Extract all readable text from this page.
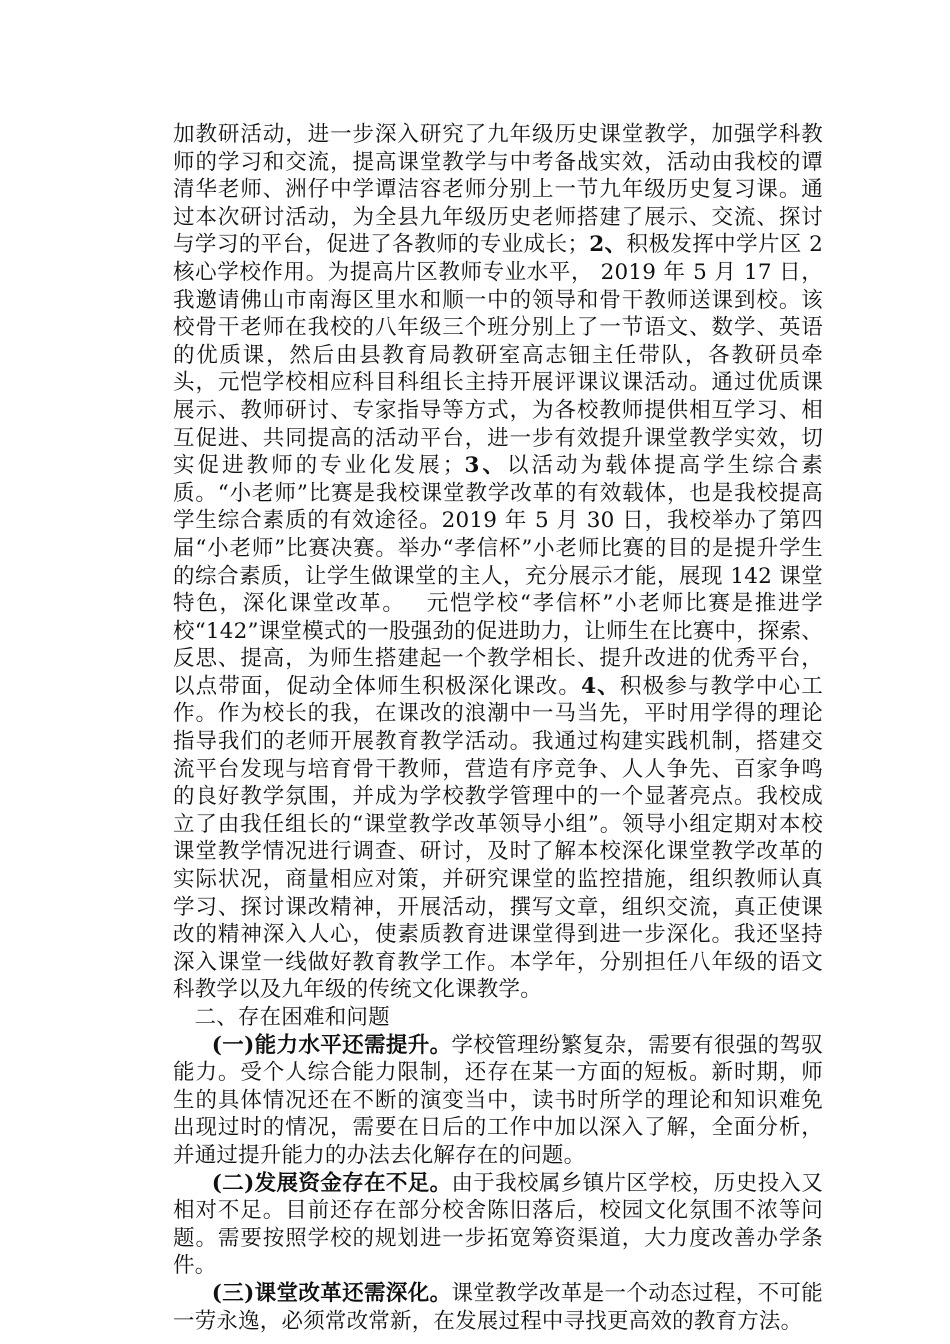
加教研活动，进一步深入研究了九年级历史课堂教学，加强学科教师的学习和交流，提高课堂教学与中考备战实效，活动由我校的谭清华老师、洲仔中学谭洁容老师分别上一节九年级历史复习课。通过本次研讨活动，为全县九年级历史老师搭建了展示、交流、探讨与学习的平台，促进了各教师的专业成长；2、积极发挥中学片区 2 核心学校作用。为提高片区教师专业水平， 2019 年 5 月 17 日，我邀请佛山市南海区里水和顺一中的领导和骨干教师送课到校。该校骨干老师在我校的八年级三个班分别上了一节语文、数学、英语的优质课，然后由县教育局教研室高志钿主任带队，各教研员牵头，元恺学校相应科目科组长主持开展评课议课活动。通过优质课展示、教师研讨、专家指导等方式，为各校教师提供相互学习、相互促进、共同提高的活动平台，进一步有效提升课堂教学实效，切实促进教师的专业化发展；3、以活动为载体提高学生综合素质。“小老师”比赛是我校课堂教学改革的有效载体，也是我校提高学生综合素质的有效途径。2019 年 5 月 30 日，我校举办了第四届“小老师”比赛决赛。举办“孝信杯”小老师比赛的目的是提升学生的综合素质，让学生做课堂的主人，充分展示才能，展现 142 课堂特色，深化课堂改革。　 元恺学校“孝信杯”小老师比赛是推进学校“142”课堂模式的一股强劲的促进助力，让师生在比赛中，探索、反思、提高，为师生搭建起一个教学相长、提升改进的优秀平台，以点带面，促动全体师生积极深化课改。4、积极参与教学中心工作。作为校长的我，在课改的浪潮中一马当先，平时用学得的理论指导我们的老师开展教育教学活动。我通过构建实践机制，搭建交流平台发现与培育骨干教师，营造有序竞争、人人争先、百家争鸣的良好教学氛围，并成为学校教学管理中的一个显著亮点。我校成立了由我任组长的“课堂教学改革领导小组”。领导小组定期对本校课堂教学情况进行调查、研讨，及时了解本校深化课堂教学改革的实际状况，商量相应对策，并研究课堂的监控措施，组织教师认真学习、探讨课改精神，开展活动，撰写文章，组织交流，真正使课改的精神深入人心，使素质教育进课堂得到进一步深化。我还坚持深入课堂一线做好教育教学工作。本学年，分别担任八年级的语文科教学以及九年级的传统文化课教学。

二、存在困难和问题

(一)能力水平还需提升。学校管理纷繁复杂，需要有很强的驾驭能力。受个人综合能力限制，还存在某一方面的短板。新时期，师生的具体情况还在不断的演变当中，读书时所学的理论和知识难免出现过时的情况，需要在日后的工作中加以深入了解，全面分析，并通过提升能力的办法去化解存在的问题。

(二)发展资金存在不足。由于我校属乡镇片区学校，历史投入又相对不足。目前还存在部分校舍陈旧落后，校园文化氛围不浓等问题。需要按照学校的规划进一步拓宽筹资渠道，大力度改善办学条件。

(三)课堂改革还需深化。课堂教学改革是一个动态过程，不可能一劳永逸，必须常改常新，在发展过程中寻找更高效的教育方法。
